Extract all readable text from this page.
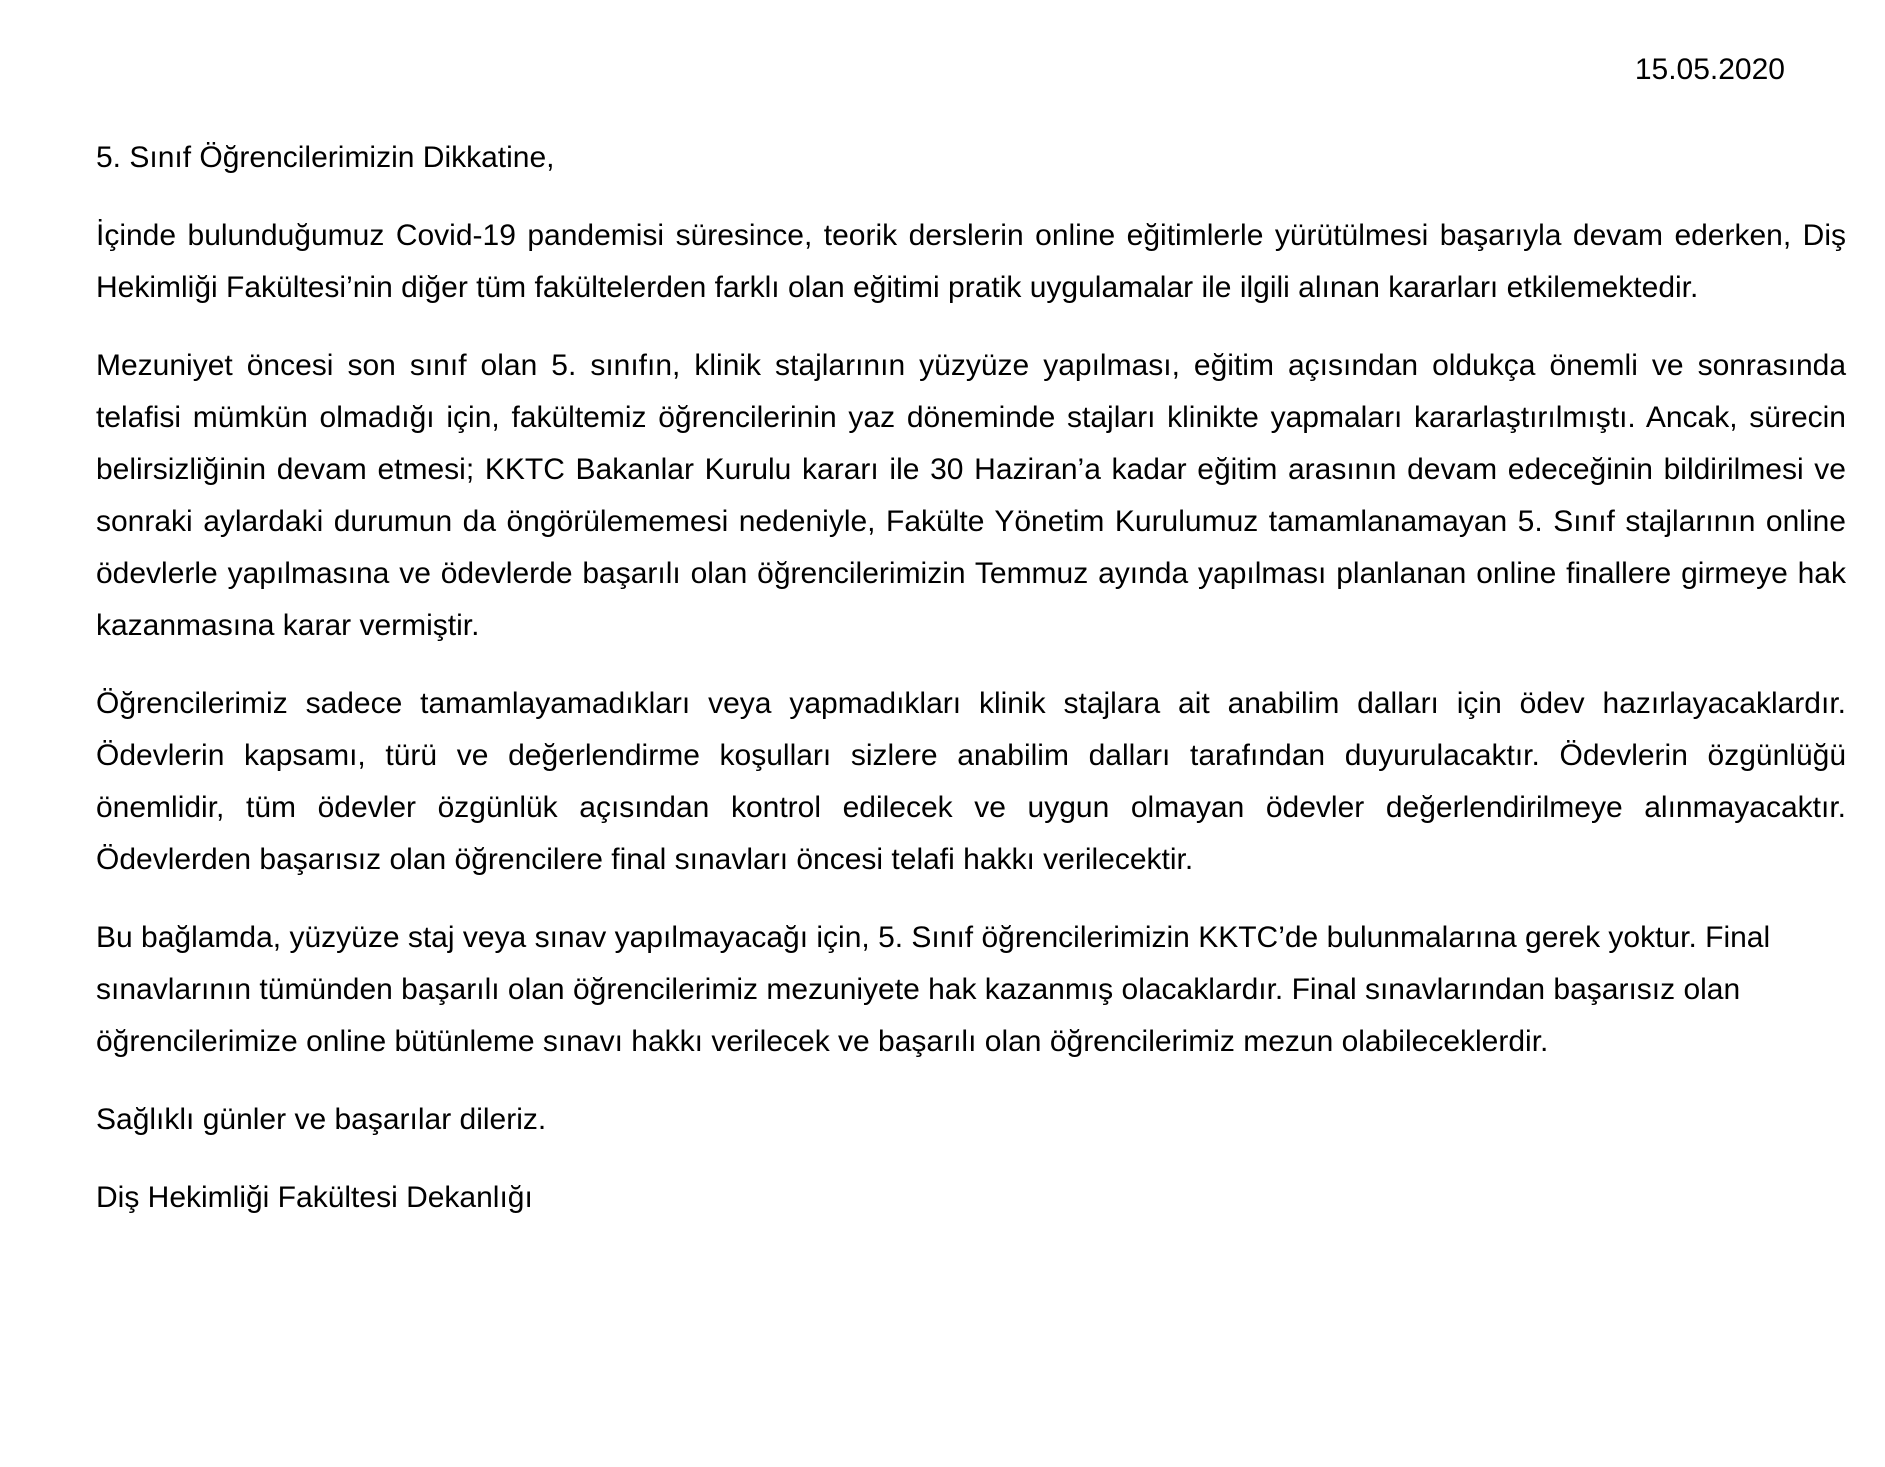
15.05.2020

5. Sınıf Öğrencilerimizin Dikkatine,

İçinde bulunduğumuz Covid-19 pandemisi süresince, teorik derslerin online eğitimlerle yürütülmesi başarıyla devam ederken, Diş Hekimliği Fakültesi’nin diğer tüm fakültelerden farklı olan eğitimi pratik uygulamalar ile ilgili alınan kararları etkilemektedir.

Mezuniyet öncesi son sınıf olan 5. sınıfın, klinik stajlarının yüzyüze yapılması, eğitim açısından oldukça önemli ve sonrasında telafisi mümkün olmadığı için, fakültemiz öğrencilerinin yaz döneminde stajları klinikte yapmaları kararlaştırılmıştı. Ancak, sürecin belirsizliğinin devam etmesi; KKTC Bakanlar Kurulu kararı ile 30 Haziran’a kadar eğitim arasının devam edeceğinin bildirilmesi ve sonraki aylardaki durumun da öngörülememesi nedeniyle, Fakülte Yönetim Kurulumuz tamamlanamayan 5. Sınıf stajlarının online ödevlerle yapılmasına ve ödevlerde başarılı olan öğrencilerimizin Temmuz ayında yapılması planlanan online finallere girmeye hak kazanmasına karar vermiştir.

Öğrencilerimiz sadece tamamlayamadıkları veya yapmadıkları klinik stajlara ait anabilim dalları için ödev hazırlayacaklardır. Ödevlerin kapsamı, türü ve değerlendirme koşulları sizlere anabilim dalları tarafından duyurulacaktır. Ödevlerin özgünlüğü önemlidir, tüm ödevler özgünlük açısından kontrol edilecek ve uygun olmayan ödevler değerlendirilmeye alınmayacaktır. Ödevlerden başarısız olan öğrencilere final sınavları öncesi telafi hakkı verilecektir.

Bu bağlamda, yüzyüze staj veya sınav yapılmayacağı için, 5. Sınıf öğrencilerimizin KKTC’de bulunmalarına gerek yoktur. Final sınavlarının tümünden başarılı olan öğrencilerimiz mezuniyete hak kazanmış olacaklardır. Final sınavlarından başarısız olan öğrencilerimize online bütünleme sınavı hakkı verilecek ve başarılı olan öğrencilerimiz mezun olabileceklerdir.

Sağlıklı günler ve başarılar dileriz.

Diş Hekimliği Fakültesi Dekanlığı
